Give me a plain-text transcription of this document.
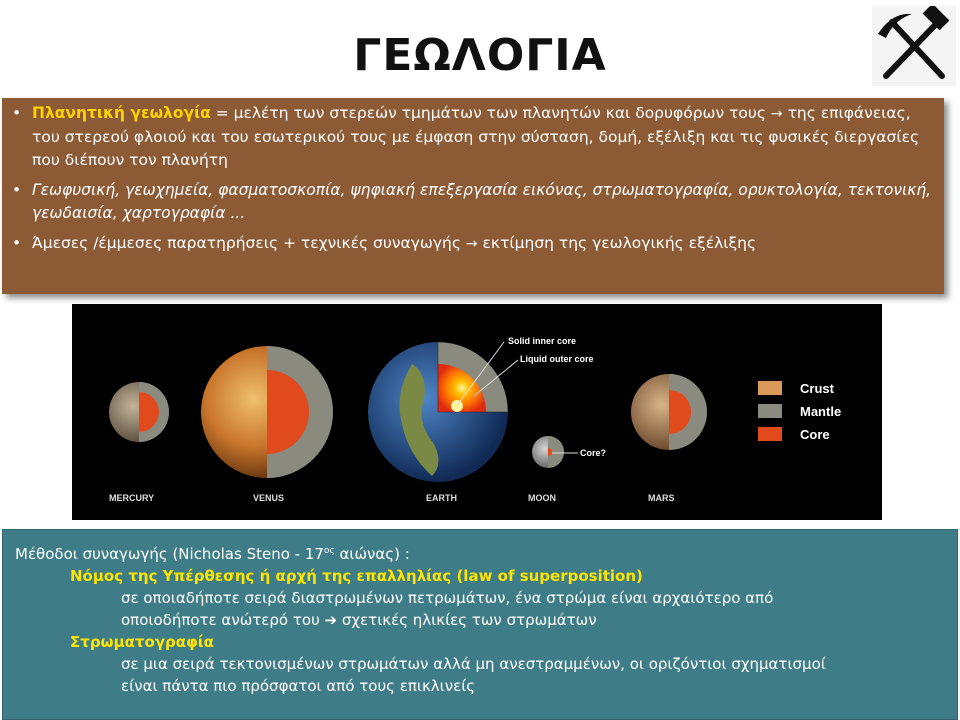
ΓΕΩΛΟΓΙΑ
• Πλανητική γεωλογία = μελέτη των στερεών τμημάτων των πλανητών και δορυφόρων τους → της επιφάνειας, του στερεού φλοιού και του εσωτερικού τους με έμφαση στην σύσταση, δομή, εξέλιξη και τις φυσικές διεργασίες που διέπουν τον πλανήτη
• Γεωφυσική, γεωχημεία, φασματοσκοπία, ψηφιακή επεξεργασία εικόνας, στρωματογραφία, ορυκτολογία, τεκτονική, γεωδαισία, χαρτογραφία ...
• Άμεσες /έμμεσες παρατηρήσεις + τεχνικές συναγωγής → εκτίμηση της γεωλογικής εξέλιξης
Solid inner core
Liquid outer core
Core?
Crust
Mantle
Core
MERCURY	VENUS	EARTH	MOON	MARS
Μέθοδοι συναγωγής (Nicholas Steno - $17^{o\varsigma}$ αιώνας) :
Νόμος της Υπέρθεσης ή αρχή της επαλληλίας (law of superposition)
σε οποιαδήποτε σειρά διαστρωμένων πετρωμάτων, ένα στρώμα είναι αρχαιότερο από
οποιοδήποτε ανώτερό του ➔ σχετικές ηλικίες των στρωμάτων
Στρωματογραφία
σε μια σειρά τεκτονισμένων στρωμάτων αλλά μη ανεστραμμένων, οι οριζόντιοι σχηματισμοί
είναι πάντα πιο πρόσφατοι από τους επικλινείς
